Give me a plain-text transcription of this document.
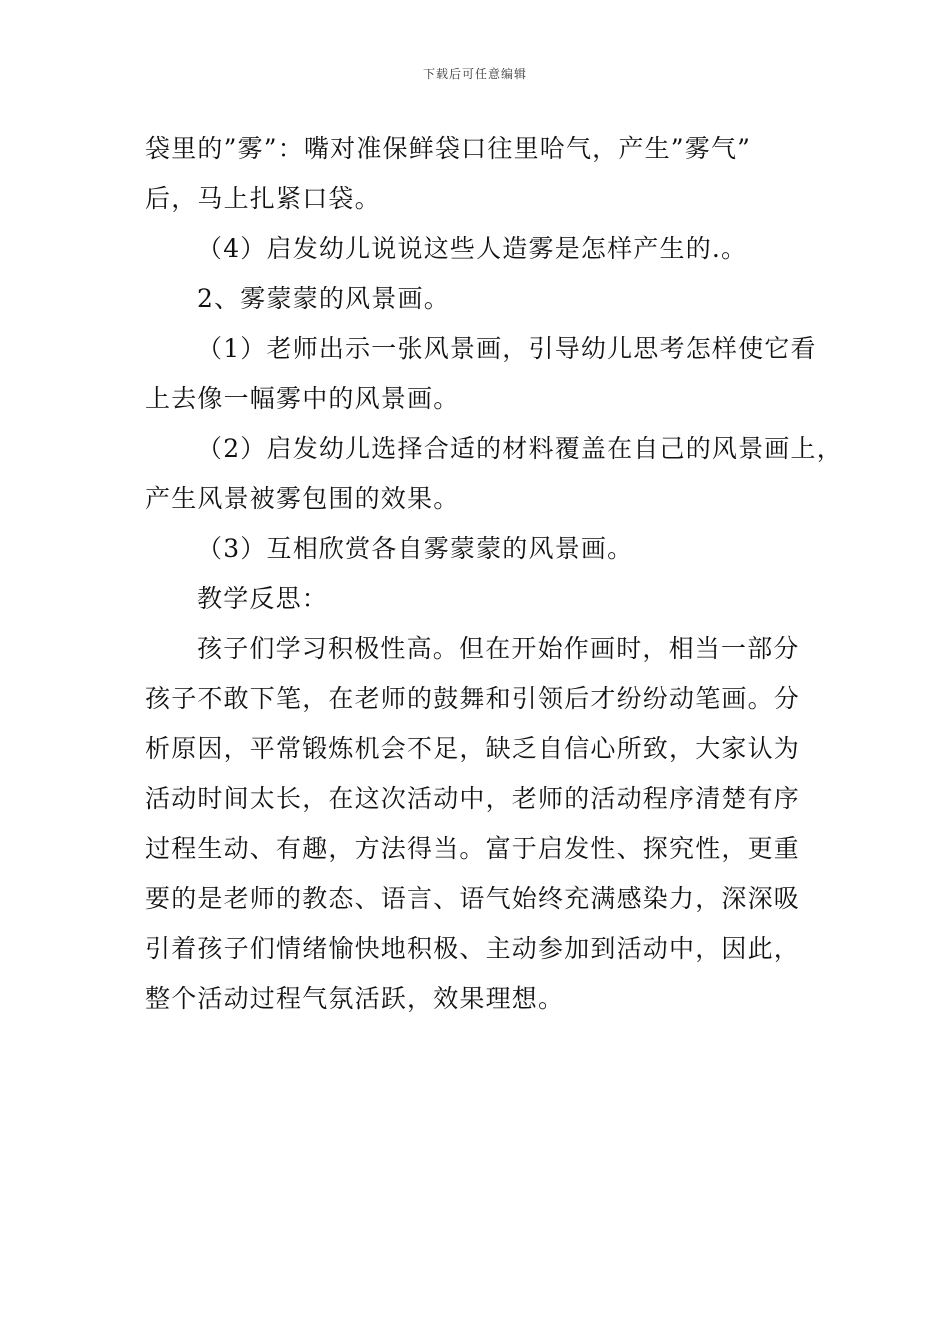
下载后可任意编辑
袋里的”雾”：嘴对准保鲜袋口往里哈气，产生”雾气”
后，马上扎紧口袋。
（4）启发幼儿说说这些人造雾是怎样产生的.。
2、雾蒙蒙的风景画。
（1）老师出示一张风景画，引导幼儿思考怎样使它看
上去像一幅雾中的风景画。
（2）启发幼儿选择合适的材料覆盖在自己的风景画上，
产生风景被雾包围的效果。
（3）互相欣赏各自雾蒙蒙的风景画。
教学反思：
孩子们学习积极性高。但在开始作画时，相当一部分
孩子不敢下笔，在老师的鼓舞和引领后才纷纷动笔画。分
析原因，平常锻炼机会不足，缺乏自信心所致，大家认为
活动时间太长，在这次活动中，老师的活动程序清楚有序
过程生动、有趣，方法得当。富于启发性、探究性，更重
要的是老师的教态、语言、语气始终充满感染力，深深吸
引着孩子们情绪愉快地积极、主动参加到活动中，因此，
整个活动过程气氛活跃，效果理想。
